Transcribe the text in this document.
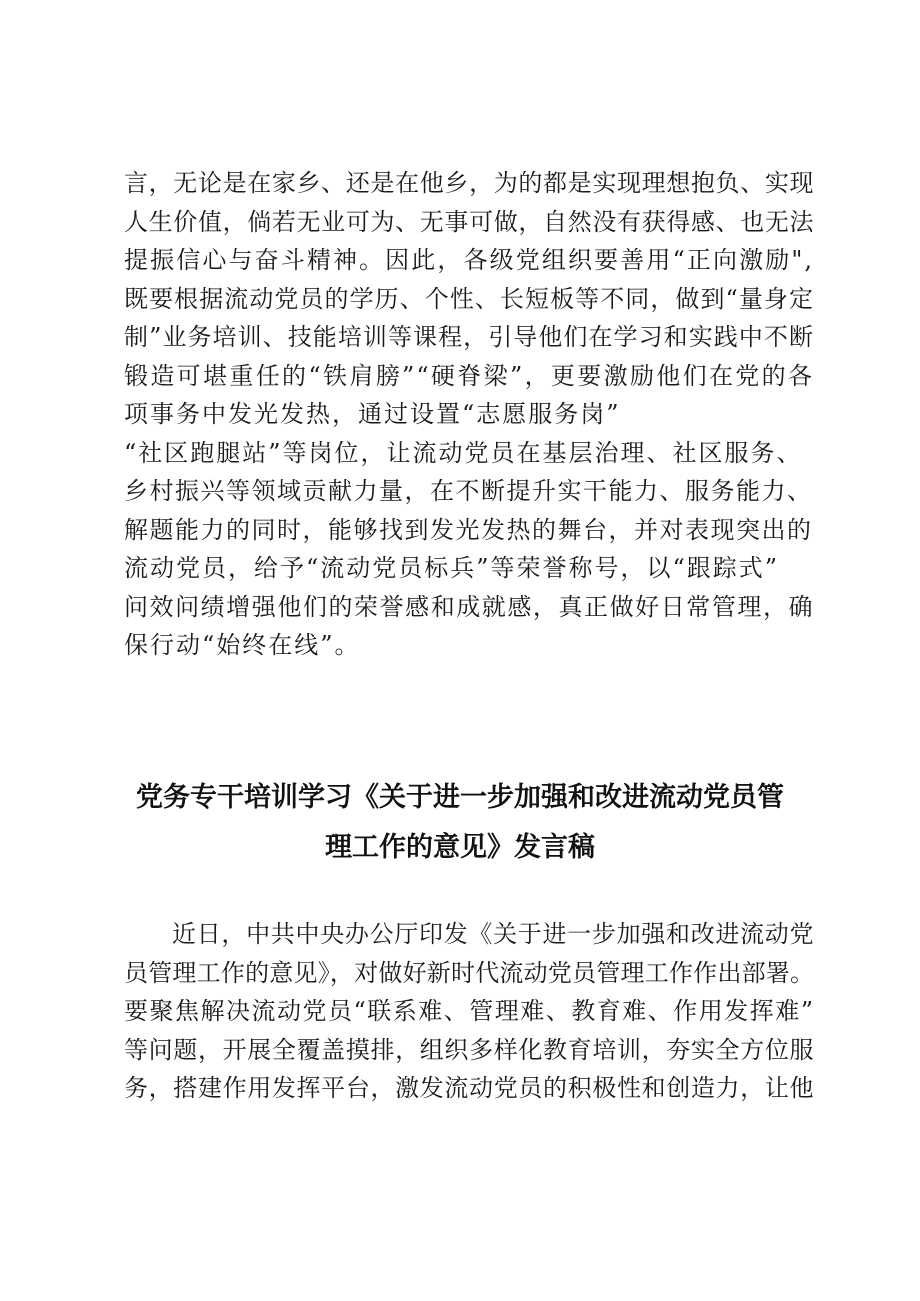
言，无论是在家乡、还是在他乡，为的都是实现理想抱负、实现
人生价值，倘若无业可为、无事可做，自然没有获得感、也无法
提振信心与奋斗精神。因此，各级党组织要善用“正向激励",
既要根据流动党员的学历、个性、长短板等不同，做到“量身定
制”业务培训、技能培训等课程，引导他们在学习和实践中不断
锻造可堪重任的“铁肩膀”“硬脊梁”，更要激励他们在党的各
项事务中发光发热，通过设置“志愿服务岗”
“社区跑腿站”等岗位，让流动党员在基层治理、社区服务、
乡村振兴等领域贡献力量，在不断提升实干能力、服务能力、
解题能力的同时，能够找到发光发热的舞台，并对表现突出的
流动党员，给予“流动党员标兵”等荣誉称号，以“跟踪式”
问效问绩增强他们的荣誉感和成就感，真正做好日常管理，确
保行动“始终在线”。
党务专干培训学习《关于进一步加强和改进流动党员管
理工作的意见》发言稿
近日，中共中央办公厅印发《关于进一步加强和改进流动党
员管理工作的意见》，对做好新时代流动党员管理工作作出部署。
要聚焦解决流动党员“联系难、管理难、教育难、作用发挥难”
等问题，开展全覆盖摸排，组织多样化教育培训，夯实全方位服
务，搭建作用发挥平台，激发流动党员的积极性和创造力，让他
